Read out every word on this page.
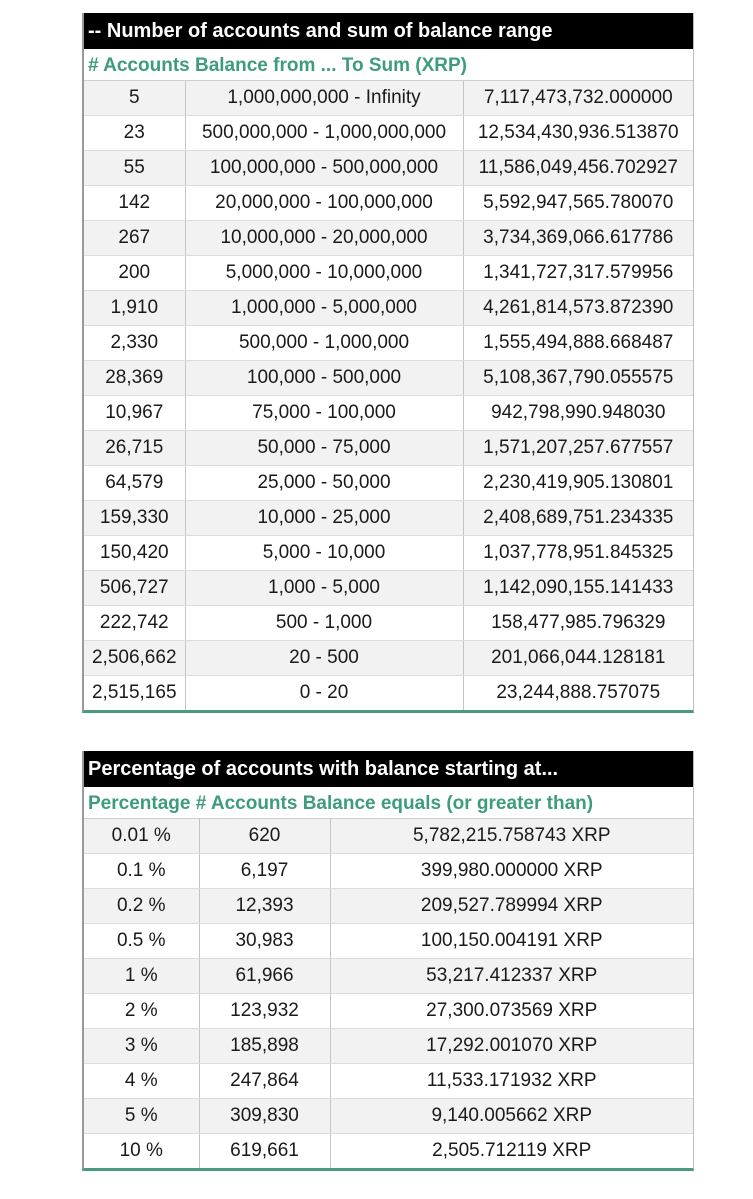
-- Number of accounts and sum of balance range
# Accounts Balance from ... To Sum (XRP)
5	1,000,000,000 - Infinity	7,117,473,732.000000
23	500,000,000 - 1,000,000,000	12,534,430,936.513870
55	100,000,000 - 500,000,000	11,586,049,456.702927
142	20,000,000 - 100,000,000	5,592,947,565.780070
267	10,000,000 - 20,000,000	3,734,369,066.617786
200	5,000,000 - 10,000,000	1,341,727,317.579956
1,910	1,000,000 - 5,000,000	4,261,814,573.872390
2,330	500,000 - 1,000,000	1,555,494,888.668487
28,369	100,000 - 500,000	5,108,367,790.055575
10,967	75,000 - 100,000	942,798,990.948030
26,715	50,000 - 75,000	1,571,207,257.677557
64,579	25,000 - 50,000	2,230,419,905.130801
159,330	10,000 - 25,000	2,408,689,751.234335
150,420	5,000 - 10,000	1,037,778,951.845325
506,727	1,000 - 5,000	1,142,090,155.141433
222,742	500 - 1,000	158,477,985.796329
2,506,662	20 - 500	201,066,044.128181
2,515,165	0 - 20	23,244,888.757075
Percentage of accounts with balance starting at...
Percentage # Accounts Balance equals (or greater than)
0.01 %	620	5,782,215.758743 XRP
0.1 %	6,197	399,980.000000 XRP
0.2 %	12,393	209,527.789994 XRP
0.5 %	30,983	100,150.004191 XRP
1 %	61,966	53,217.412337 XRP
2 %	123,932	27,300.073569 XRP
3 %	185,898	17,292.001070 XRP
4 %	247,864	11,533.171932 XRP
5 %	309,830	9,140.005662 XRP
10 %	619,661	2,505.712119 XRP
